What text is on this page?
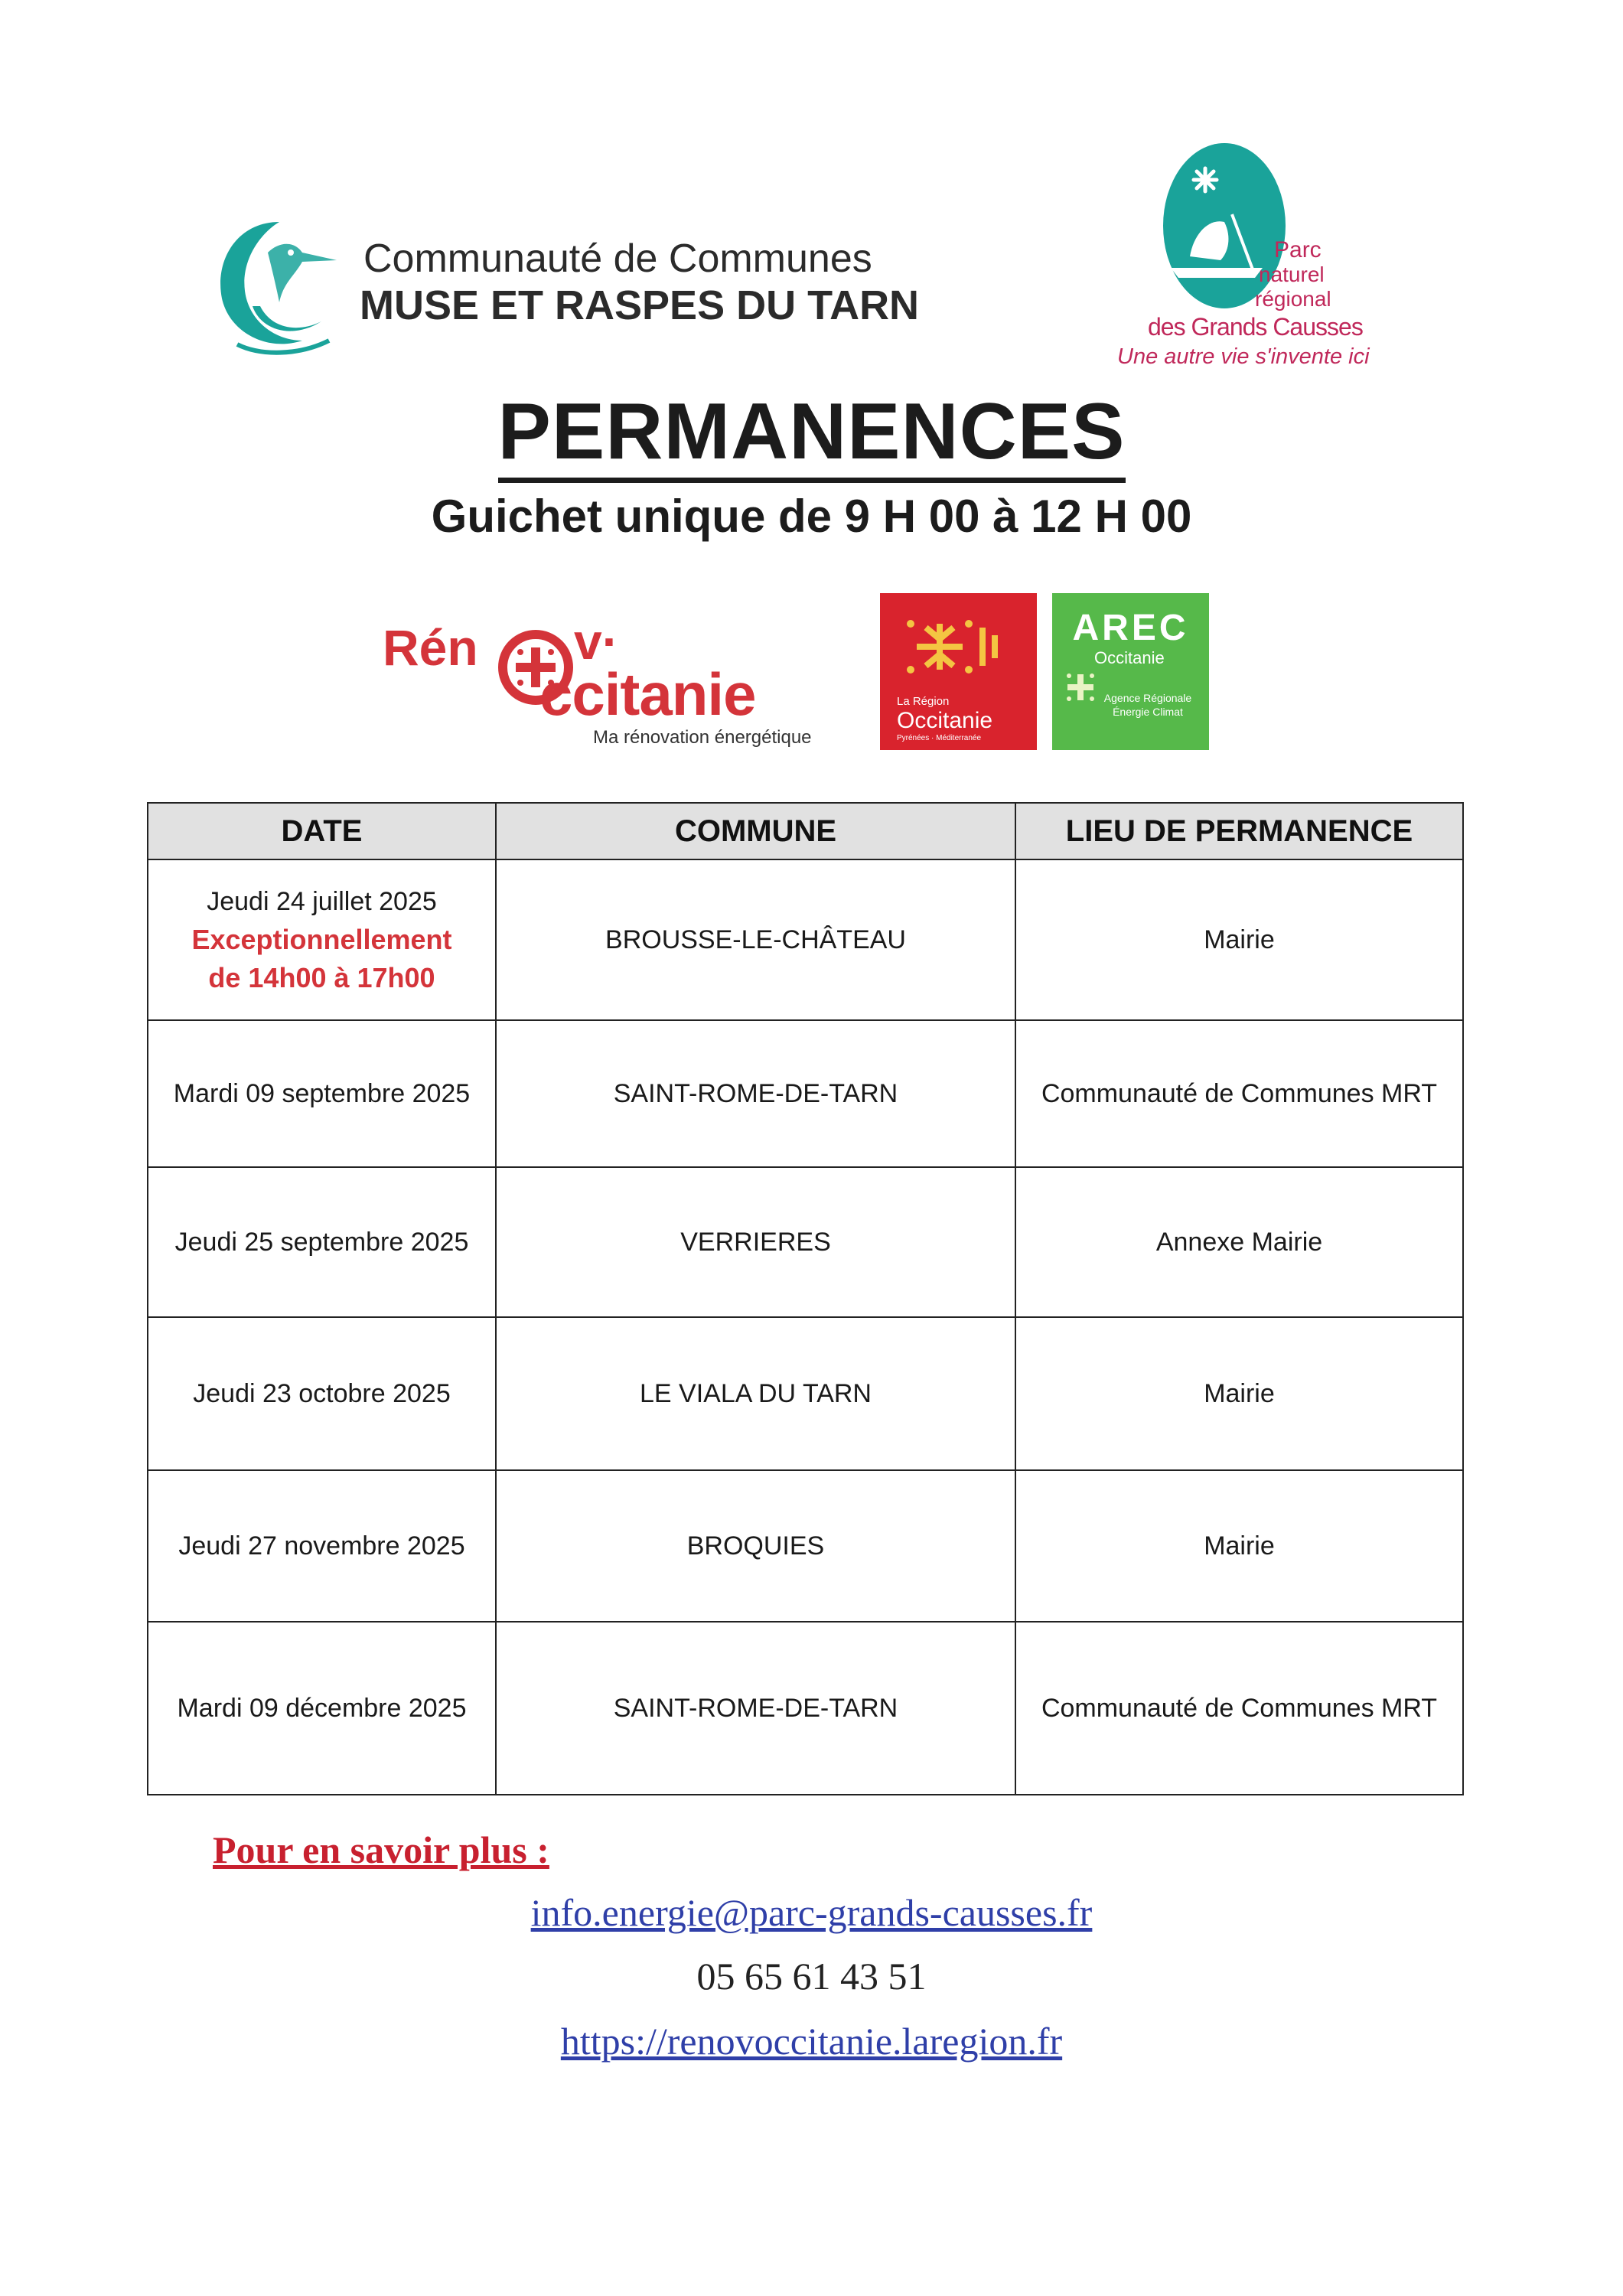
Communauté de Communes
MUSE ET RASPES DU TARN
Parc
naturel
régional
des Grands Causses
Une autre vie s'invente ici
PERMANENCES
Guichet unique de 9 H 00 à 12 H 00
Rén v·
ccitanie
Ma rénovation énergétique
La Région
Occitanie
Pyrénées · Méditerranée
AREC
Occitanie
Agence Régionale Énergie Climat
DATE	COMMUNE	LIEU DE PERMANENCE

Jeudi 24 juillet 2025
Exceptionnellement
de 14h00 à 17h00	BROUSSE-LE-CHÂTEAU	Mairie
Mardi 09 septembre 2025	SAINT-ROME-DE-TARN	Communauté de Communes MRT
Jeudi 25 septembre 2025	VERRIERES	Annexe Mairie
Jeudi 23 octobre 2025	LE VIALA DU TARN	Mairie
Jeudi 27 novembre 2025	BROQUIES	Mairie
Mardi 09 décembre 2025	SAINT-ROME-DE-TARN	Communauté de Communes MRT
Pour en savoir plus :
info.energie@parc-grands-causses.fr
05 65 61 43 51
https://renovoccitanie.laregion.fr
